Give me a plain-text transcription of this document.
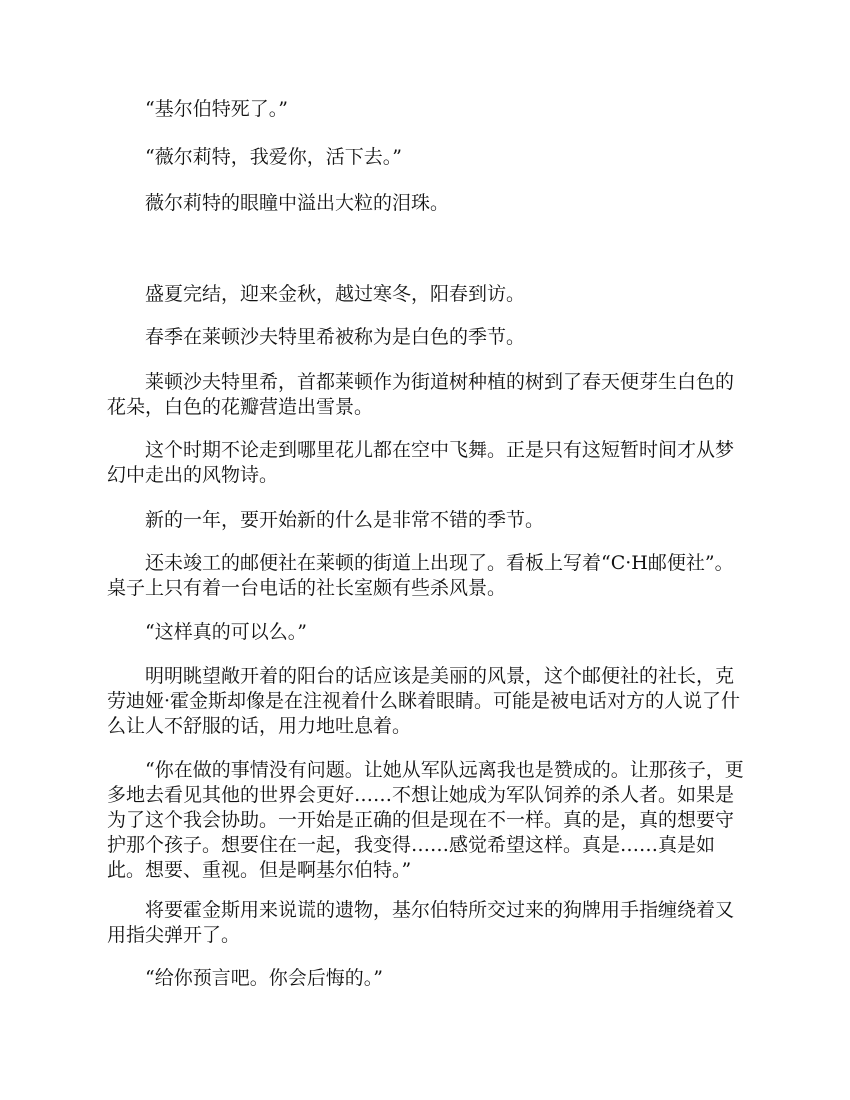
“基尔伯特死了。”

“薇尔莉特，我爱你，活下去。”

薇尔莉特的眼瞳中溢出大粒的泪珠。

盛夏完结，迎来金秋，越过寒冬，阳春到访。

春季在莱顿沙夫特里希被称为是白色的季节。

莱顿沙夫特里希，首都莱顿作为街道树种植的树到了春天便芽生白色的花朵，白色的花瓣营造出雪景。

这个时期不论走到哪里花儿都在空中飞舞。正是只有这短暂时间才从梦幻中走出的风物诗。

新的一年，要开始新的什么是非常不错的季节。

还未竣工的邮便社在莱顿的街道上出现了。看板上写着“C·H邮便社”。桌子上只有着一台电话的社长室颇有些杀风景。

“这样真的可以么。”

明明眺望敞开着的阳台的话应该是美丽的风景，这个邮便社的社长，克劳迪娅·霍金斯却像是在注视着什么眯着眼睛。可能是被电话对方的人说了什么让人不舒服的话，用力地吐息着。

“你在做的事情没有问题。让她从军队远离我也是赞成的。让那孩子，更多地去看见其他的世界会更好……不想让她成为军队饲养的杀人者。如果是为了这个我会协助。一开始是正确的但是现在不一样。真的是，真的想要守护那个孩子。想要住在一起，我变得……感觉希望这样。真是……真是如此。想要、重视。但是啊基尔伯特。”

将要霍金斯用来说谎的遗物，基尔伯特所交过来的狗牌用手指缠绕着又用指尖弹开了。

“给你预言吧。你会后悔的。”
